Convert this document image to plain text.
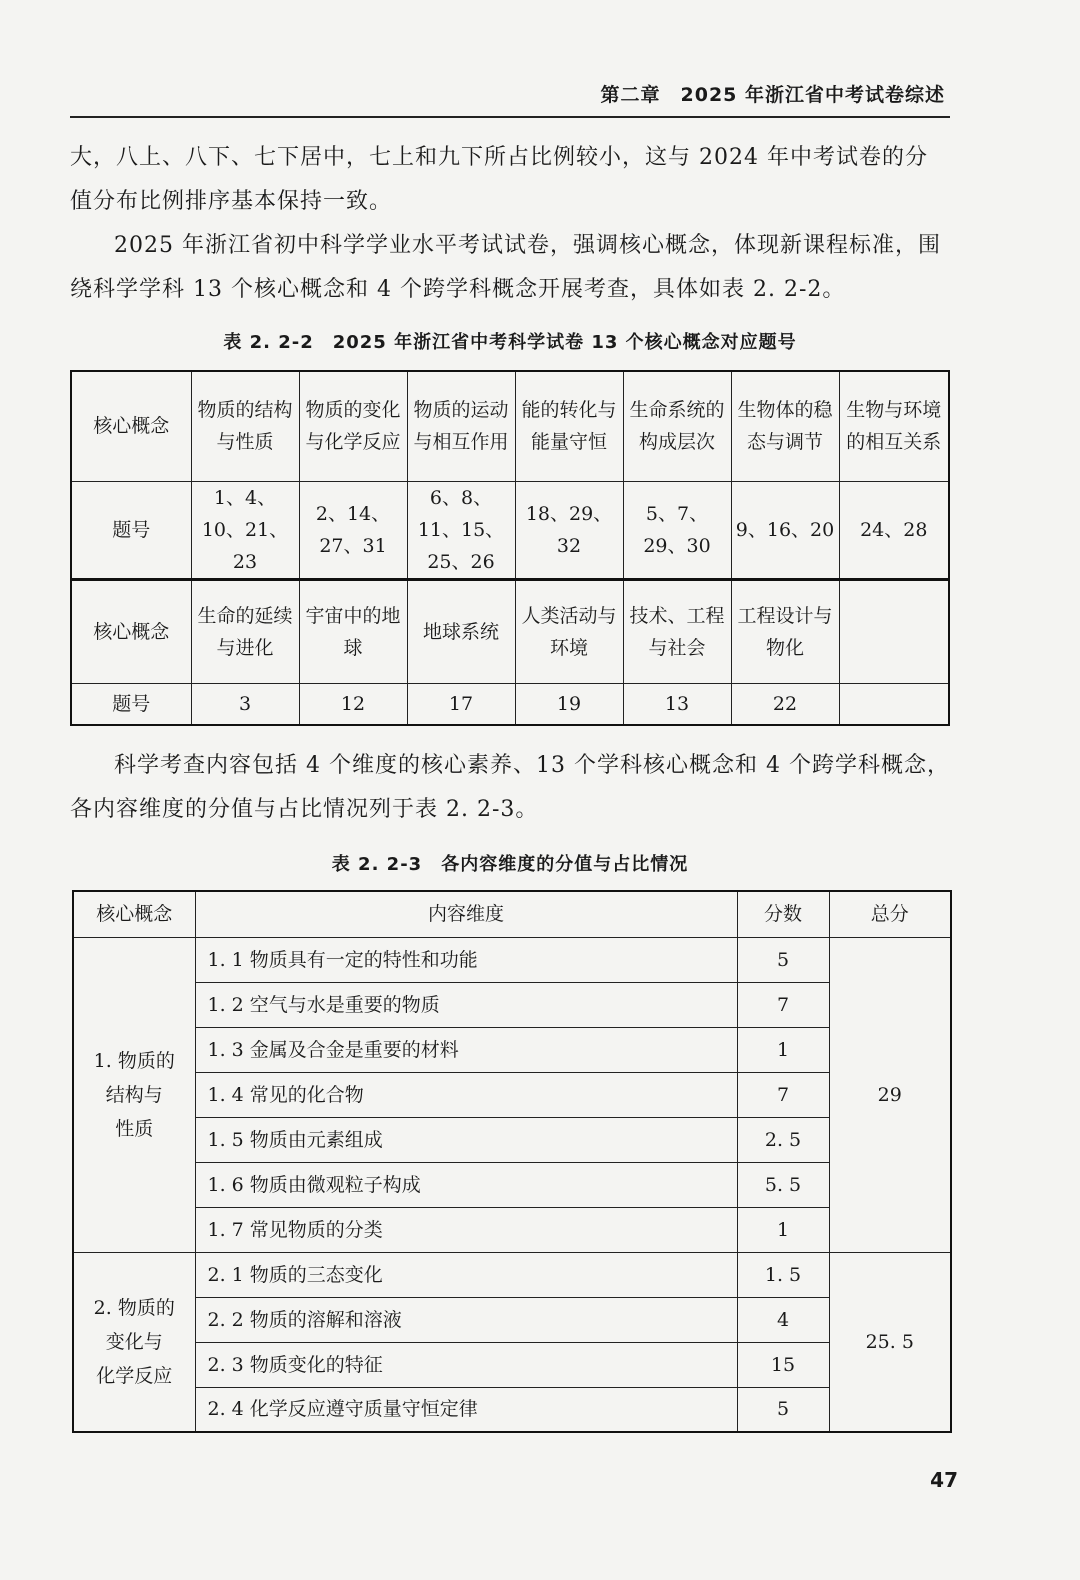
第二章　2025 年浙江省中考试卷综述

大，八上、八下、七下居中，七上和九下所占比例较小，这与 2024 年中考试卷的分值分布比例排序基本保持一致。

2025 年浙江省初中科学学业水平考试试卷，强调核心概念，体现新课程标准，围绕科学学科 13 个核心概念和 4 个跨学科概念开展考查，具体如表 2. 2-2。

表 2. 2-2　2025 年浙江省中考科学试卷 13 个核心概念对应题号
核心概念	物质的结构与性质	物质的变化与化学反应	物质的运动与相互作用	能的转化与能量守恒	生命系统的构成层次	生物体的稳态与调节	生物与环境的相互关系
题号	1、4、10、21、23	2、14、27、31	6、8、11、15、25、26	18、29、32	5、7、29、30	9、16、20	24、28
核心概念	生命的延续与进化	宇宙中的地球	地球系统	人类活动与环境	技术、工程与社会	工程设计与物化	
题号	3	12	17	19	13	22	

科学考查内容包括 4 个维度的核心素养、13 个学科核心概念和 4 个跨学科概念，各内容维度的分值与占比情况列于表 2. 2-3。

表 2. 2-3　各内容维度的分值与占比情况
核心概念	内容维度	分数	总分
1. 物质的
结构与
性质	1. 1 物质具有一定的特性和功能	5	29
	1. 2 空气与水是重要的物质	7	
	1. 3 金属及合金是重要的材料	1	
	1. 4 常见的化合物	7	
	1. 5 物质由元素组成	2. 5	
	1. 6 物质由微观粒子构成	5. 5	
	1. 7 常见物质的分类	1	
2. 物质的
变化与
化学反应	2. 1 物质的三态变化	1. 5	25. 5
	2. 2 物质的溶解和溶液	4	
	2. 3 物质变化的特征	15	
	2. 4 化学反应遵守质量守恒定律	5	
47
